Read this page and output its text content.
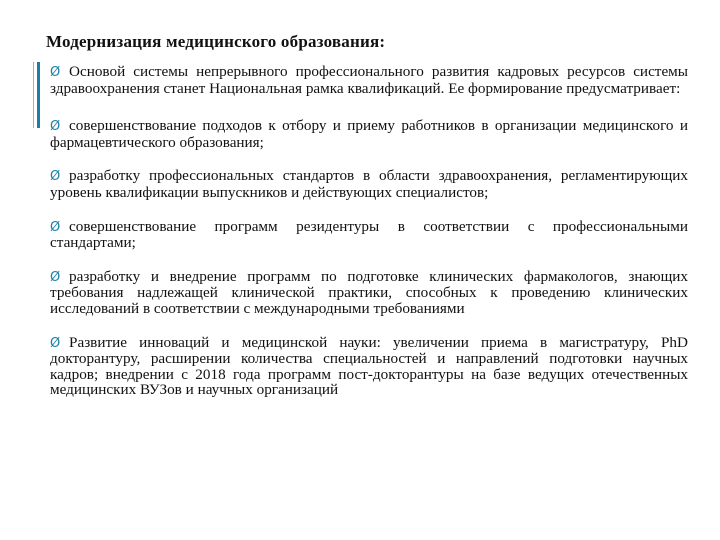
Модернизация медицинского образования:

Ø Основой системы непрерывного профессионального развития кадровых ресурсов системы здравоохранения станет Национальная рамка квалификаций. Ее формирование предусматривает:

Ø совершенствование подходов к отбору и приему работников в организации медицинского и фармацевтического образования;

Ø разработку профессиональных стандартов в области здравоохранения, регламентирующих уровень квалификации выпускников и действующих специалистов;

Ø совершенствование программ резидентуры в соответствии с профессиональными стандартами;

Ø разработку и внедрение программ по подготовке клинических фармакологов, знающих требования надлежащей клинической практики, способных к проведению клинических исследований в соответствии с международными требованиями

Ø Развитие инноваций и медицинской науки: увеличении приема в магистратуру, PhD докторантуру, расширении количества специальностей и направлений подготовки научных кадров; внедрении с 2018 года программ пост-докторантуры на базе ведущих отечественных медицинских ВУЗов и научных организаций
